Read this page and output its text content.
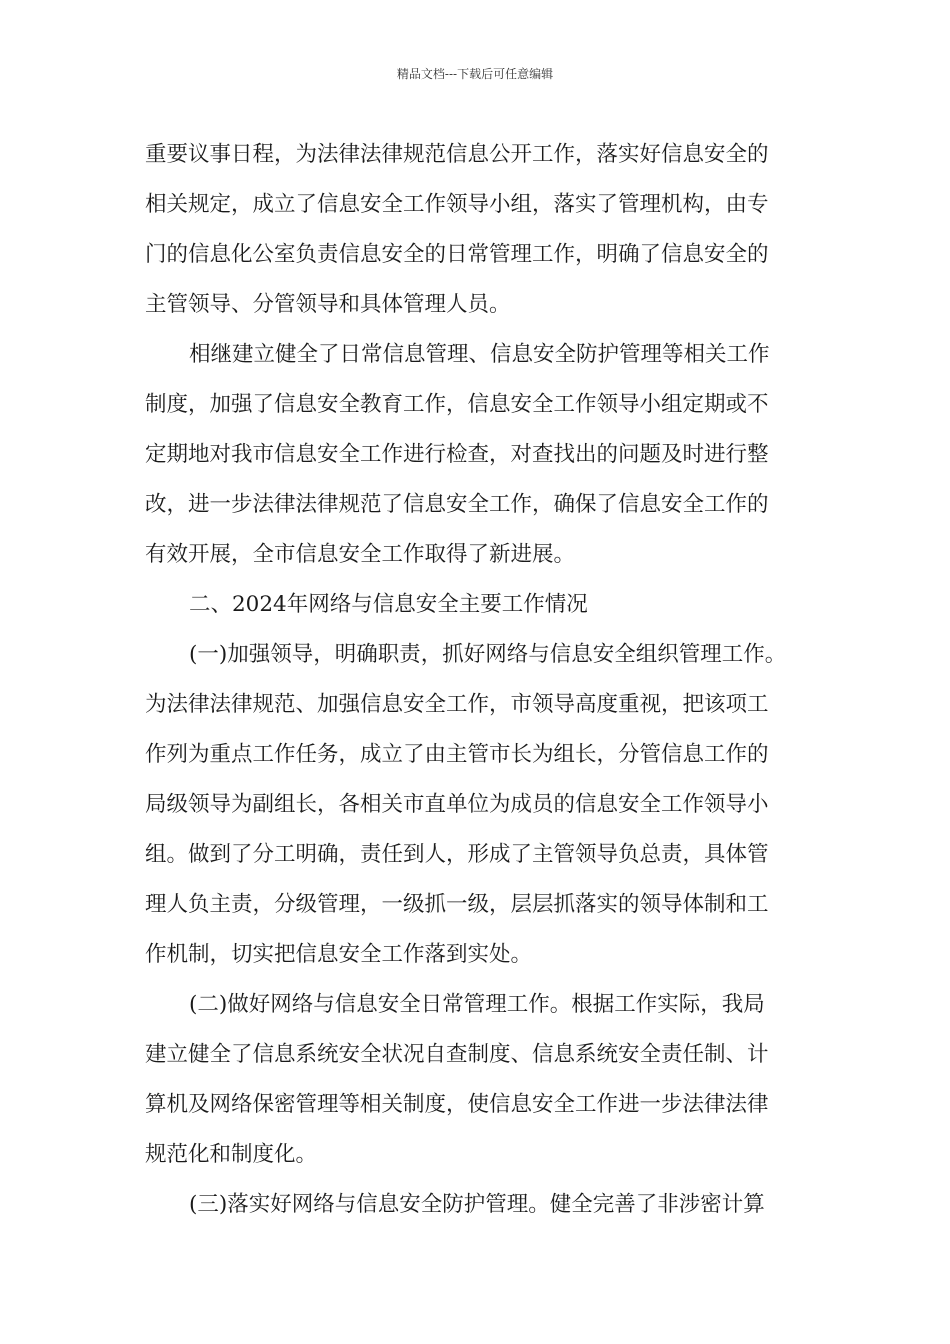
精品文档---下载后可任意编辑
重要议事日程，为法律法律规范信息公开工作，落实好信息安全的
相关规定，成立了信息安全工作领导小组，落实了管理机构，由专
门的信息化公室负责信息安全的日常管理工作，明确了信息安全的
主管领导、分管领导和具体管理人员。
相继建立健全了日常信息管理、信息安全防护管理等相关工作
制度，加强了信息安全教育工作，信息安全工作领导小组定期或不
定期地对我市信息安全工作进行检查，对查找出的问题及时进行整
改，进一步法律法律规范了信息安全工作，确保了信息安全工作的
有效开展，全市信息安全工作取得了新进展。
二、2024年网络与信息安全主要工作情况
(一)加强领导，明确职责，抓好网络与信息安全组织管理工作。
为法律法律规范、加强信息安全工作，市领导高度重视，把该项工
作列为重点工作任务，成立了由主管市长为组长，分管信息工作的
局级领导为副组长，各相关市直单位为成员的信息安全工作领导小
组。做到了分工明确，责任到人，形成了主管领导负总责，具体管
理人负主责，分级管理，一级抓一级，层层抓落实的领导体制和工
作机制，切实把信息安全工作落到实处。
(二)做好网络与信息安全日常管理工作。根据工作实际，我局
建立健全了信息系统安全状况自查制度、信息系统安全责任制、计
算机及网络保密管理等相关制度，使信息安全工作进一步法律法律
规范化和制度化。
(三)落实好网络与信息安全防护管理。健全完善了非涉密计算
